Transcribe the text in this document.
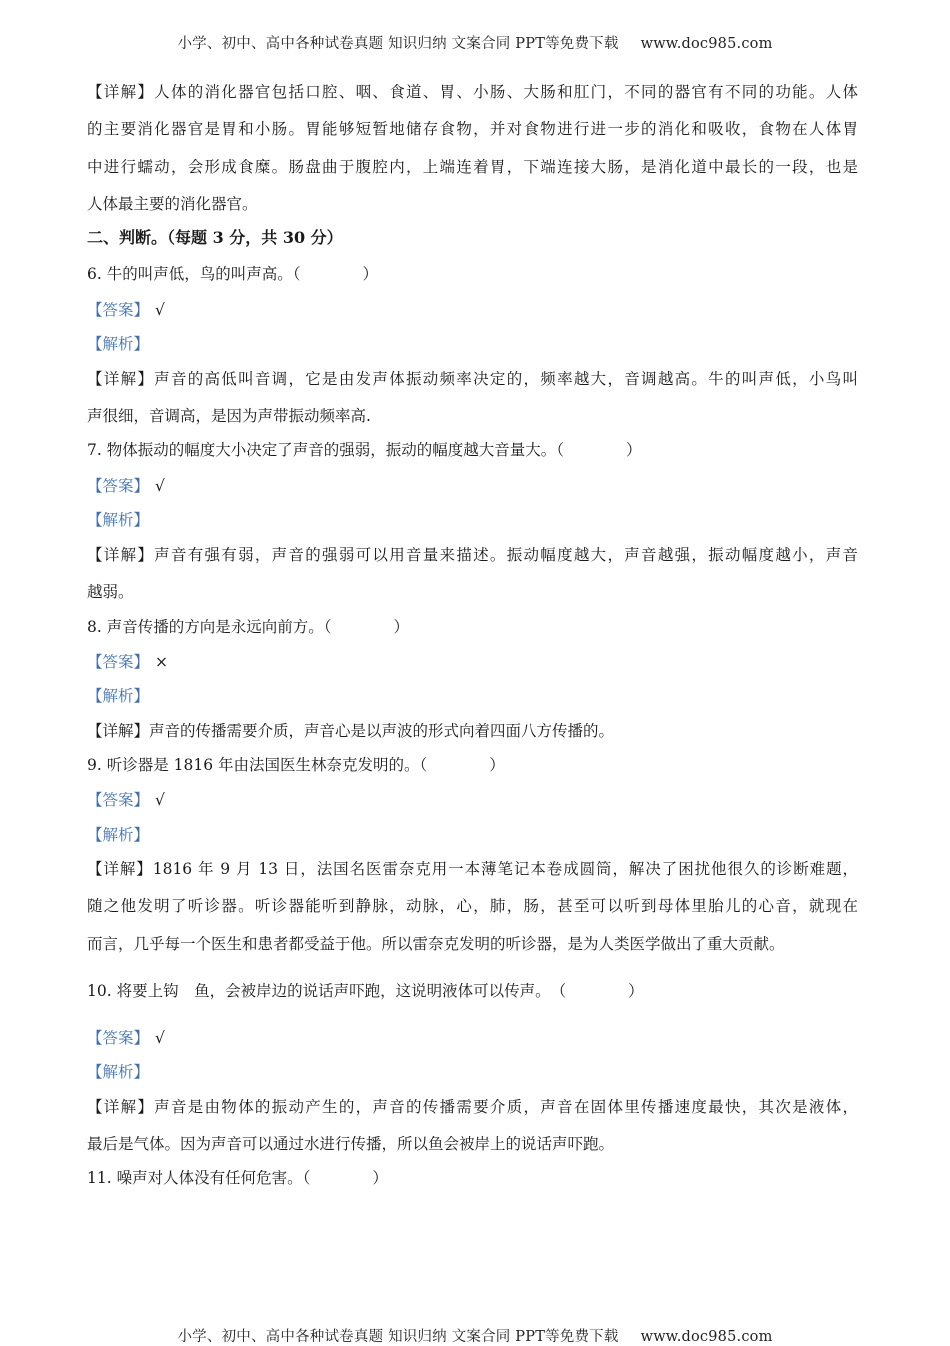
小学、初中、高中各种试卷真题 知识归纳 文案合同 PPT等免费下载 www.doc985.com
【详解】人体的消化器官包括口腔、咽、食道、胃、小肠、大肠和肛门，不同的器官有不同的功能。人体
的主要消化器官是胃和小肠。胃能够短暂地储存食物，并对食物进行进一步的消化和吸收，食物在人体胃
中进行蠕动，会形成食糜。肠盘曲于腹腔内，上端连着胃，下端连接大肠，是消化道中最长的一段，也是
人体最主要的消化器官。
二、判断。（每题 3 分，共 30 分）
6. 牛的叫声低，鸟的叫声高。（　　　　）
【答案】 √
【解析】
【详解】声音的高低叫音调，它是由发声体振动频率决定的，频率越大，音调越高。牛的叫声低，小鸟叫
声很细，音调高，是因为声带振动频率高.
7. 物体振动的幅度大小决定了声音的强弱，振动的幅度越大音量大。（　　　　）
【答案】 √
【解析】
【详解】声音有强有弱，声音的强弱可以用音量来描述。振动幅度越大，声音越强，振动幅度越小，声音
越弱。
8. 声音传播的方向是永远向前方。（　　　　）
【答案】 ×
【解析】
【详解】声音的传播需要介质，声音心是以声波的形式向着四面八方传播的。
9. 听诊器是 1816 年由法国医生林奈克发明的。（　　　　）
【答案】 √
【解析】
【详解】1816 年 9 月 13 日，法国名医雷奈克用一本薄笔记本卷成圆筒，解决了困扰他很久的诊断难题，
随之他发明了听诊器。听诊器能听到静脉，动脉，心，肺，肠，甚至可以听到母体里胎儿的心音，就现在
而言，几乎每一个医生和患者都受益于他。所以雷奈克发明的听诊器，是为人类医学做出了重大贡献。
10. 将要上钩　鱼，会被岸边的说话声吓跑，这说明液体可以传声。　（　　　　）
【答案】 √
【解析】
【详解】声音是由物体的振动产生的，声音的传播需要介质，声音在固体里传播速度最快，其次是液体，
最后是气体。因为声音可以通过水进行传播，所以鱼会被岸上的说话声吓跑。
11. 噪声对人体没有任何危害。（　　　　）
小学、初中、高中各种试卷真题 知识归纳 文案合同 PPT等免费下载 www.doc985.com
